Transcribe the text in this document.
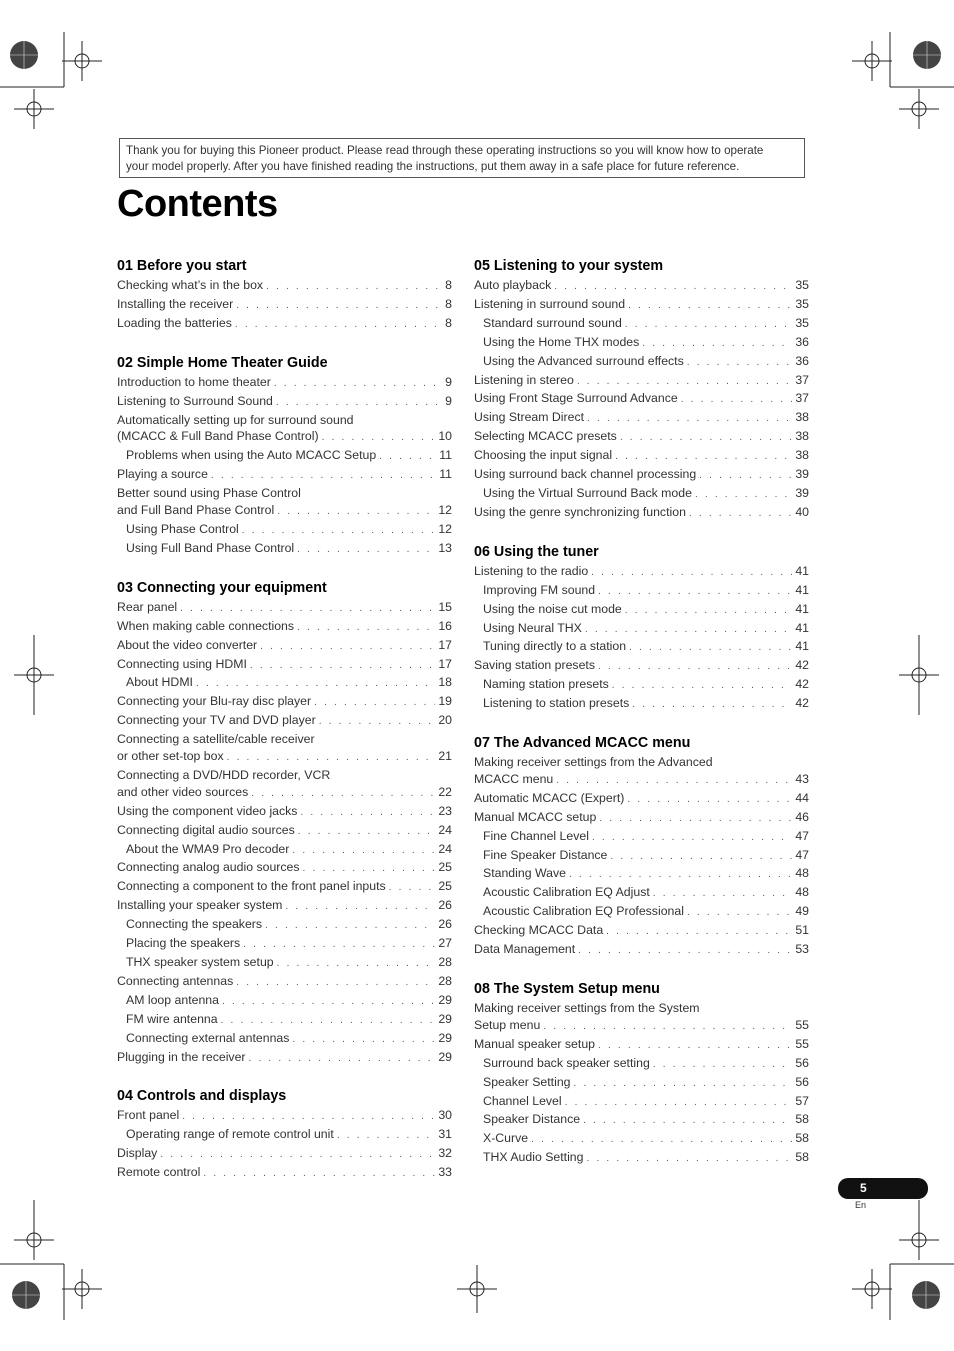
Thank you for buying this Pioneer product. Please read through these operating instructions so you will know how to operate
your model properly. After you have finished reading the instructions, put them away in a safe place for future reference.
Contents
01 Before you start
Checking what’s in the box . . .	8
Installing the receiver . . .	8
Loading the batteries . . .	8
02 Simple Home Theater Guide
Introduction to home theater . . .	9
Listening to Surround Sound . . .	9
Automatically setting up for surround sound
(MCACC & Full Band Phase Control) . . .	10
Problems when using the Auto MCACC Setup . . .	11
Playing a source . . .	11
Better sound using Phase Control
and Full Band Phase Control . . .	12
Using Phase Control . . .	12
Using Full Band Phase Control . . .	13
03 Connecting your equipment
Rear panel . . .	15
When making cable connections . . .	16
About the video converter . . .	17
Connecting using HDMI . . .	17
About HDMI . . .	18
Connecting your Blu-ray disc player . . .	19
Connecting your TV and DVD player . . .	20
Connecting a satellite/cable receiver
or other set-top box . . .	21
Connecting a DVD/HDD recorder, VCR
and other video sources . . .	22
Using the component video jacks . . .	23
Connecting digital audio sources . . .	24
About the WMA9 Pro decoder . . .	24
Connecting analog audio sources . . .	25
Connecting a component to the front panel inputs . . .	25
Installing your speaker system . . .	26
Connecting the speakers . . .	26
Placing the speakers . . .	27
THX speaker system setup . . .	28
Connecting antennas . . .	28
AM loop antenna . . .	29
FM wire antenna . . .	29
Connecting external antennas . . .	29
Plugging in the receiver . . .	29
04 Controls and displays
Front panel . . .	30
Operating range of remote control unit . . .	31
Display . . .	32
Remote control . . .	33
05 Listening to your system
Auto playback . . .	35
Listening in surround sound . . .	35
Standard surround sound . . .	35
Using the Home THX modes . . .	36
Using the Advanced surround effects . . .	36
Listening in stereo . . .	37
Using Front Stage Surround Advance . . .	37
Using Stream Direct . . .	38
Selecting MCACC presets . . .	38
Choosing the input signal . . .	38
Using surround back channel processing . . .	39
Using the Virtual Surround Back mode . . .	39
Using the genre synchronizing function . . .	40
06 Using the tuner
Listening to the radio . . .	41
Improving FM sound . . .	41
Using the noise cut mode . . .	41
Using Neural THX . . .	41
Tuning directly to a station . . .	41
Saving station presets . . .	42
Naming station presets . . .	42
Listening to station presets . . .	42
07 The Advanced MCACC menu
Making receiver settings from the Advanced
MCACC menu . . .	43
Automatic MCACC (Expert) . . .	44
Manual MCACC setup . . .	46
Fine Channel Level . . .	47
Fine Speaker Distance . . .	47
Standing Wave . . .	48
Acoustic Calibration EQ Adjust . . .	48
Acoustic Calibration EQ Professional . . .	49
Checking MCACC Data . . .	51
Data Management . . .	53
08 The System Setup menu
Making receiver settings from the System
Setup menu . . .	55
Manual speaker setup . . .	55
Surround back speaker setting . . .	56
Speaker Setting . . .	56
Channel Level . . .	57
Speaker Distance . . .	58
X-Curve . . .	58
THX Audio Setting . . .	58
5
En
